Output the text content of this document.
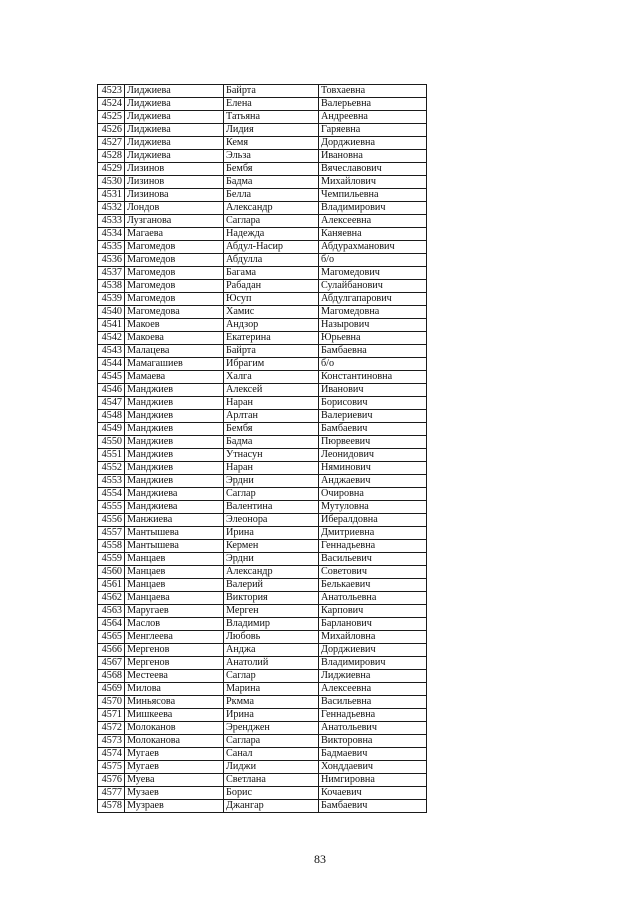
4523	Лиджиева	Байрта	Товхаевна
4524	Лиджиева	Елена	Валерьевна
4525	Лиджиева	Татьяна	Андреевна
4526	Лиджиева	Лидия	Гаряевна
4527	Лиджиева	Кемя	Дорджиевна
4528	Лиджиева	Эльза	Ивановна
4529	Лизинов	Бембя	Вячеславович
4530	Лизинов	Бадма	Михайлович
4531	Лизинова	Белла	Чемпильевна
4532	Лондов	Александр	Владимирович
4533	Лузганова	Саглара	Алексеевна
4534	Магаева	Надежда	Каняевна
4535	Магомедов	Абдул-Насир	Абдурахманович
4536	Магомедов	Абдулла	б/о
4537	Магомедов	Багама	Магомедович
4538	Магомедов	Рабадан	Сулайбанович
4539	Магомедов	Юсуп	Абдулгапарович
4540	Магомедова	Хамис	Магомедовна
4541	Макоев	Андзор	Назырович
4542	Макоева	Екатерина	Юрьевна
4543	Малацева	Байрта	Бамбаевна
4544	Мамагашиев	Ибрагим	б/о
4545	Мамаева	Халга	Константиновна
4546	Манджиев	Алексей	Иванович
4547	Манджиев	Наран	Борисович
4548	Манджиев	Арлтан	Валериевич
4549	Манджиев	Бембя	Бамбаевич
4550	Манджиев	Бадма	Пюрвеевич
4551	Манджиев	Утнасун	Леонидович
4552	Манджиев	Наран	Няминович
4553	Манджиев	Эрдни	Анджаевич
4554	Манджиева	Саглар	Очировна
4555	Манджиева	Валентина	Мутуловна
4556	Манжиева	Элеонора	Ибералдовна
4557	Мантышева	Ирина	Дмитриевна
4558	Мантышева	Кермен	Геннадьевна
4559	Манцаев	Эрдни	Васильевич
4560	Манцаев	Александр	Советович
4561	Манцаев	Валерий	Белькаевич
4562	Манцаева	Виктория	Анатольевна
4563	Маругаев	Мерген	Карпович
4564	Маслов	Владимир	Барланович
4565	Менглеева	Любовь	Михайловна
4566	Мергенов	Анджа	Дорджиевич
4567	Мергенов	Анатолий	Владимирович
4568	Местеева	Саглар	Лиджиевна
4569	Милова	Марина	Алексеевна
4570	Миньясова	Ркмма	Васильевна
4571	Мишкеева	Ирина	Геннадьевна
4572	Молоканов	Эренджен	Анатольевич
4573	Молоканова	Саглара	Викторовна
4574	Мугаев	Санал	Бадмаевич
4575	Мугаев	Лиджи	Хонддаевич
4576	Муева	Светлана	Нимгировна
4577	Музаев	Борис	Кочаевич
4578	Музраев	Джангар	Бамбаевич
83
